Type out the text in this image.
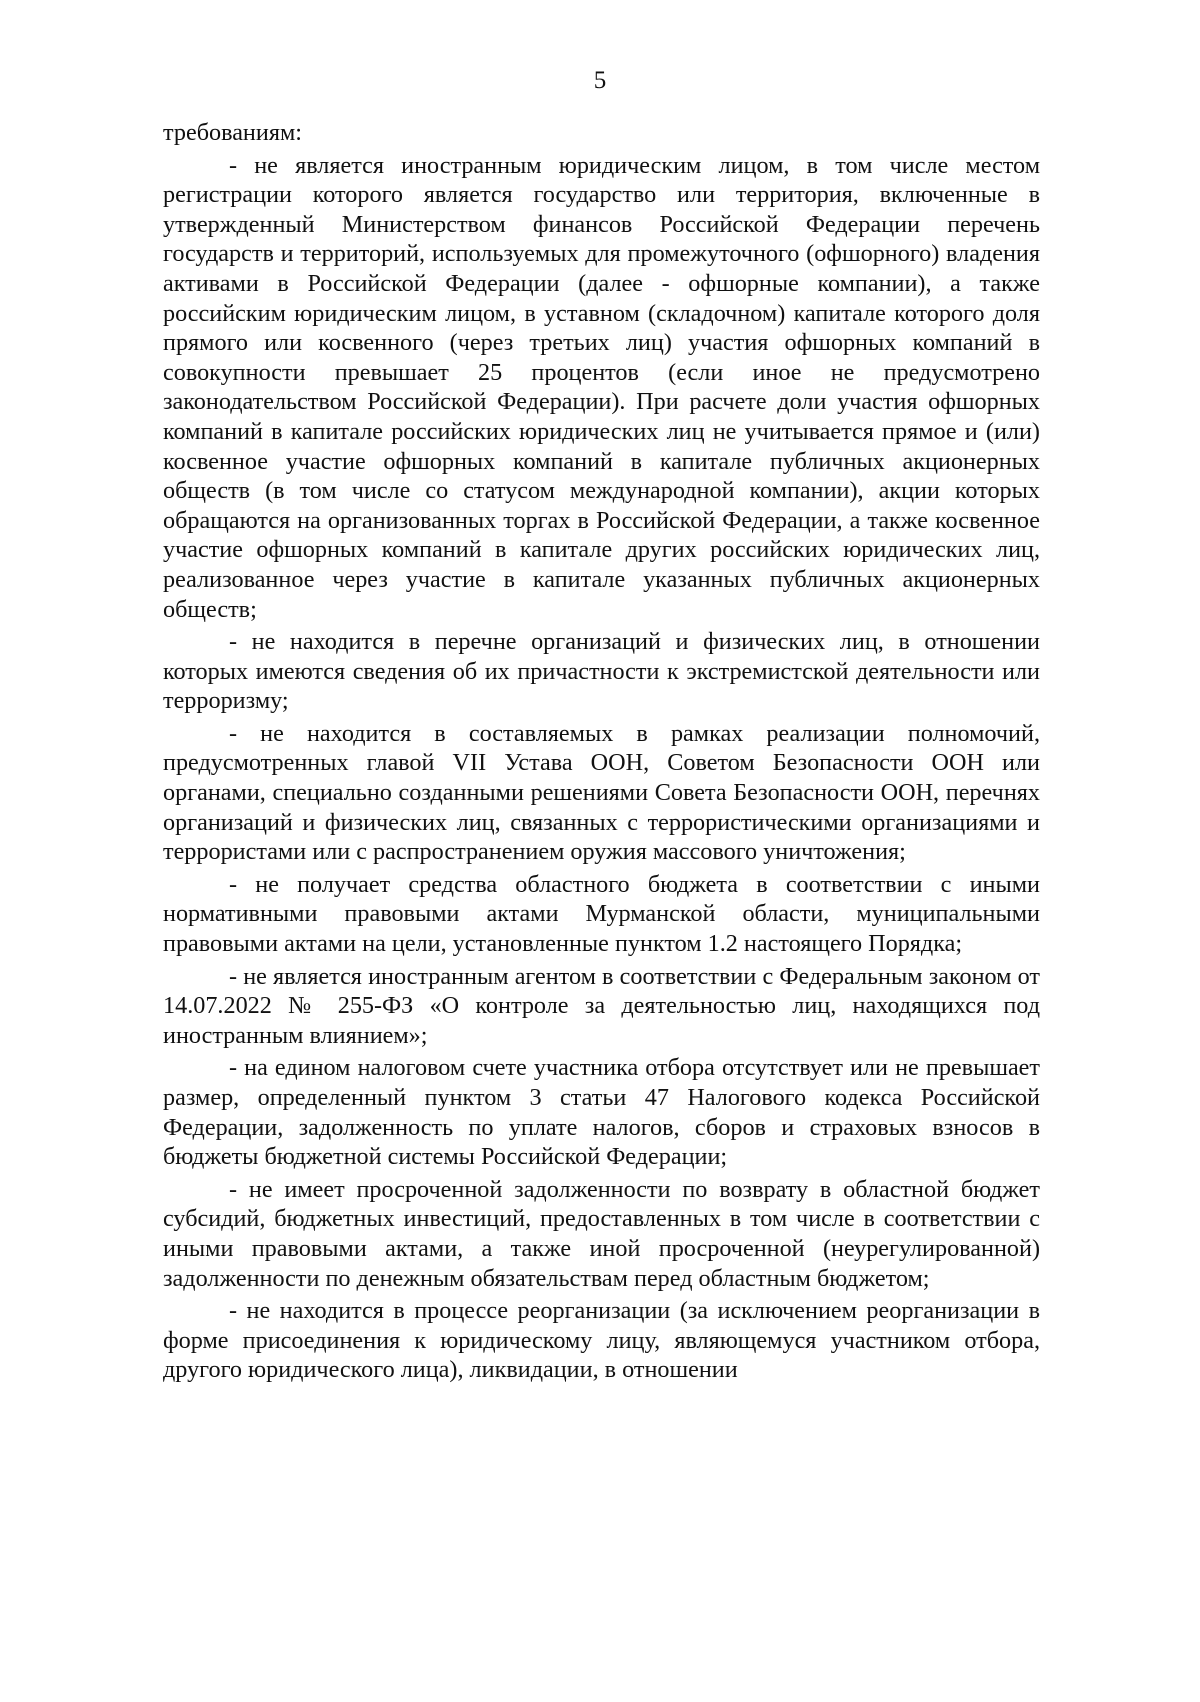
5

требованиям:

- не является иностранным юридическим лицом, в том числе местом регистрации которого является государство или территория, включенные в утвержденный Министерством финансов Российской Федерации перечень государств и территорий, используемых для промежуточного (офшорного) владения активами в Российской Федерации (далее - офшорные компании), а также российским юридическим лицом, в уставном (складочном) капитале которого доля прямого или косвенного (через третьих лиц) участия офшорных компаний в совокупности превышает 25 процентов (если иное не предусмотрено законодательством Российской Федерации). При расчете доли участия офшорных компаний в капитале российских юридических лиц не учитывается прямое и (или) косвенное участие офшорных компаний в капитале публичных акционерных обществ (в том числе со статусом международной компании), акции которых обращаются на организованных торгах в Российской Федерации, а также косвенное участие офшорных компаний в капитале других российских юридических лиц, реализованное через участие в капитале указанных публичных акционерных обществ;

- не находится в перечне организаций и физических лиц, в отношении которых имеются сведения об их причастности к экстремистской деятельности или терроризму;

- не находится в составляемых в рамках реализации полномочий, предусмотренных главой VII Устава ООН, Советом Безопасности ООН или органами, специально созданными решениями Совета Безопасности ООН, перечнях организаций и физических лиц, связанных с террористическими организациями и террористами или с распространением оружия массового уничтожения;

- не получает средства областного бюджета в соответствии с иными нормативными правовыми актами Мурманской области, муниципальными правовыми актами на цели, установленные пунктом 1.2 настоящего Порядка;

- не является иностранным агентом в соответствии с Федеральным законом от 14.07.2022 № 255-ФЗ «О контроле за деятельностью лиц, находящихся под иностранным влиянием»;

- на едином налоговом счете участника отбора отсутствует или не превышает размер, определенный пунктом 3 статьи 47 Налогового кодекса Российской Федерации, задолженность по уплате налогов, сборов и страховых взносов в бюджеты бюджетной системы Российской Федерации;

- не имеет просроченной задолженности по возврату в областной бюджет субсидий, бюджетных инвестиций, предоставленных в том числе в соответствии с иными правовыми актами, а также иной просроченной (неурегулированной) задолженности по денежным обязательствам перед областным бюджетом;

- не находится в процессе реорганизации (за исключением реорганизации в форме присоединения к юридическому лицу, являющемуся участником отбора, другого юридического лица), ликвидации, в отношении
